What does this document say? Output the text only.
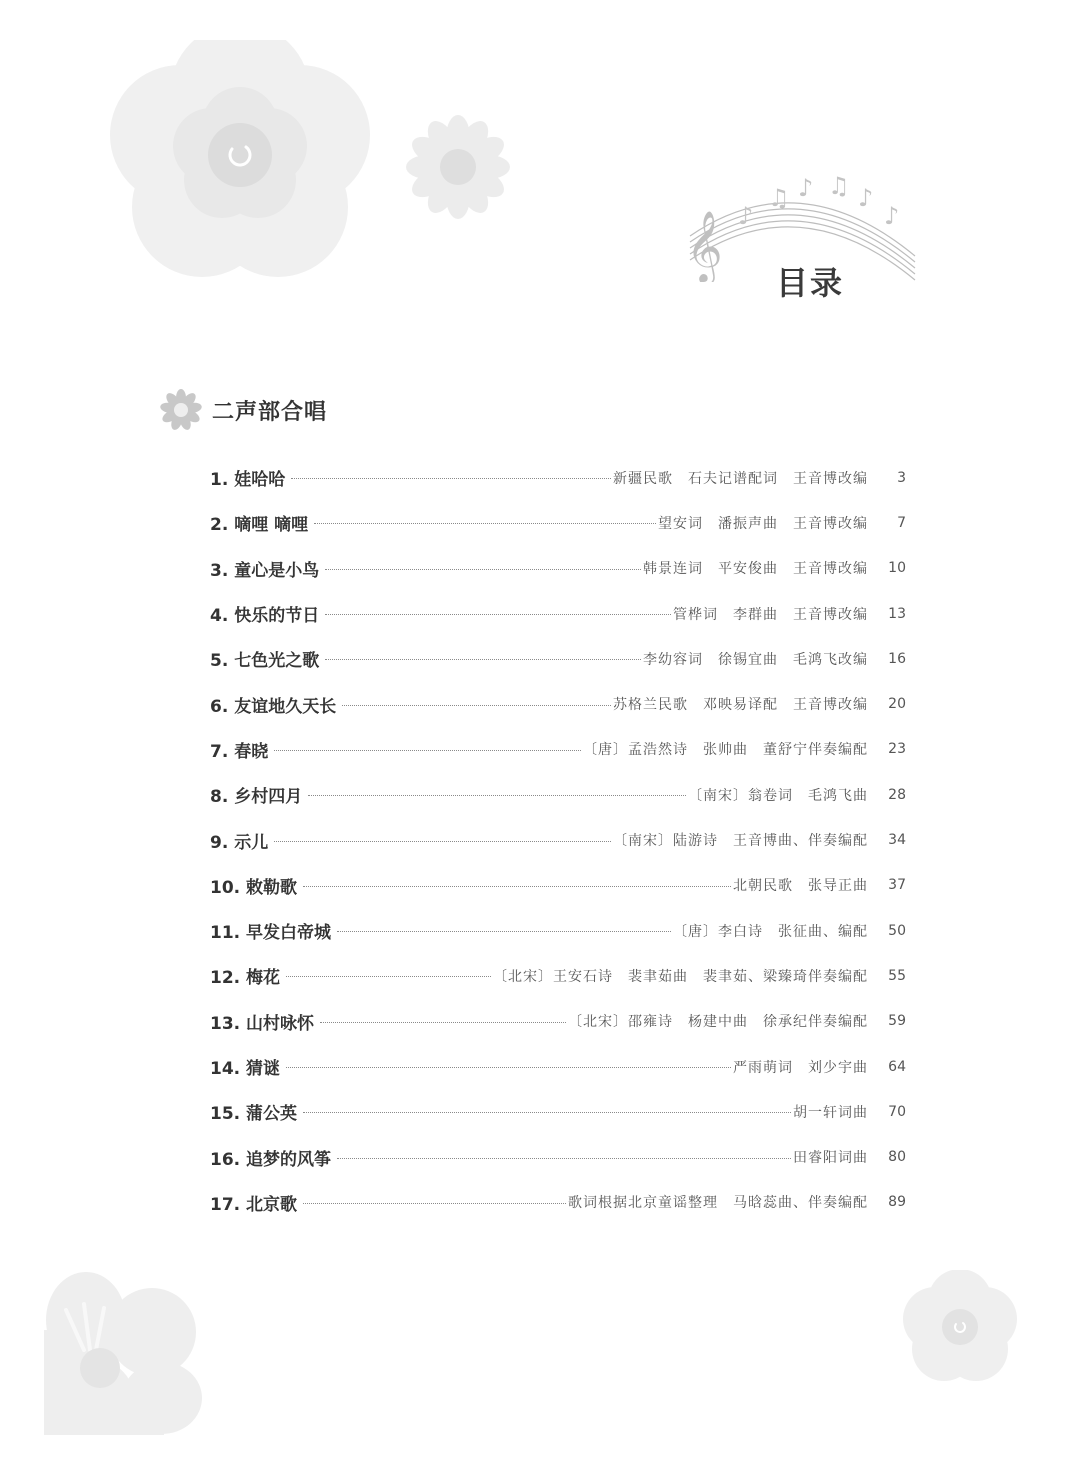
𝄞 ♪
♫ ♪ ♫ ♪
♪
目录
二声部合唱
1. 娃哈哈	新疆民歌　石夫记谱配词　王音博改编	3
2. 嘀哩 嘀哩	望安词　潘振声曲　王音博改编	7
3. 童心是小鸟	韩景连词　平安俊曲　王音博改编	10
4. 快乐的节日	管桦词　李群曲　王音博改编	13
5. 七色光之歌	李幼容词　徐锡宜曲　毛鸿飞改编	16
6. 友谊地久天长	苏格兰民歌　邓映易译配　王音博改编	20
7. 春晓	〔唐〕孟浩然诗　张帅曲　董舒宁伴奏编配	23
8. 乡村四月	〔南宋〕翁卷词　毛鸿飞曲	28
9. 示儿	〔南宋〕陆游诗　王音博曲、伴奏编配	34
10. 敕勒歌	北朝民歌　张导正曲	37
11. 早发白帝城	〔唐〕李白诗　张征曲、编配	50
12. 梅花	〔北宋〕王安石诗　裴聿茹曲　裴聿茹、梁臻琦伴奏编配	55
13. 山村咏怀	〔北宋〕邵雍诗　杨建中曲　徐承纪伴奏编配	59
14. 猜谜	严雨萌词　刘少宇曲	64
15. 蒲公英	胡一轩词曲	70
16. 追梦的风筝	田睿阳词曲	80
17. 北京歌	歌词根据北京童谣整理　马晗蕊曲、伴奏编配	89
